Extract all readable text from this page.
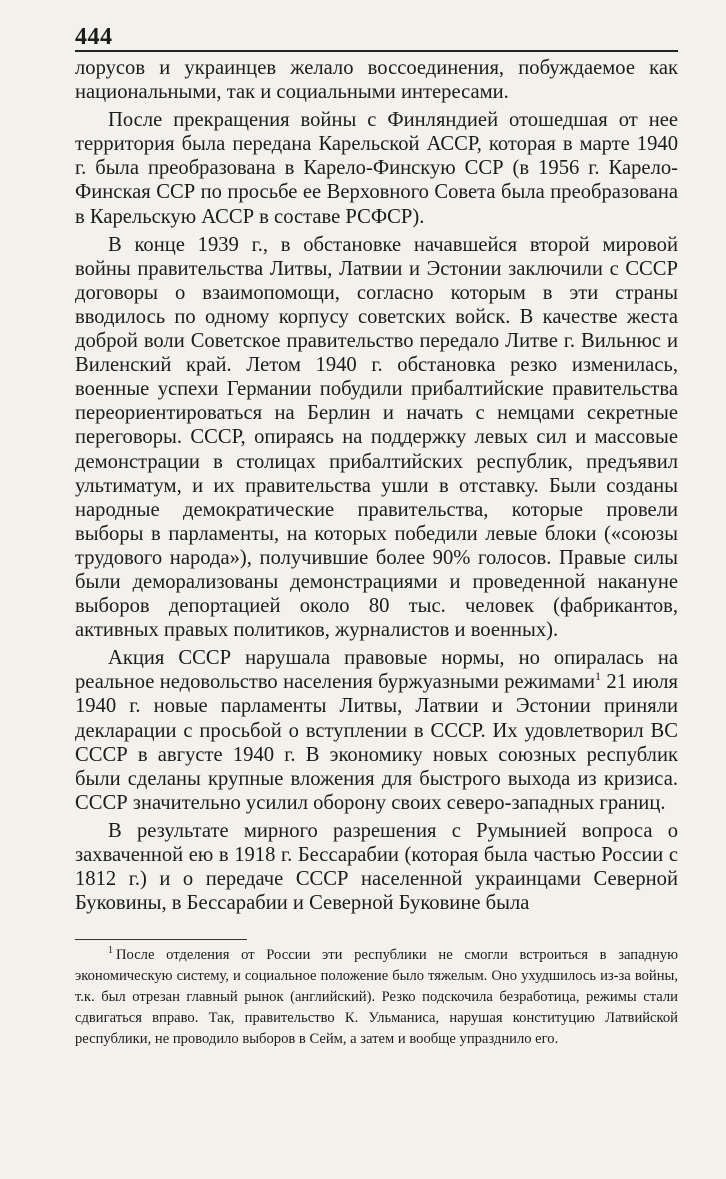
444

лорусов и украинцев желало воссоединения, побуждаемое как национальными, так и социальными интересами.

После прекращения войны с Финляндией отошедшая от нее территория была передана Карельской АССР, которая в марте 1940 г. была преобразована в Карело-Финскую ССР (в 1956 г. Карело-Финская ССР по просьбе ее Верховного Совета была преобразована в Карельскую АССР в составе РСФСР).

В конце 1939 г., в обстановке начавшейся второй мировой войны правительства Литвы, Латвии и Эстонии заключили с СССР договоры о взаимопомощи, согласно которым в эти страны вводилось по одному корпусу советских войск. В качестве жеста доброй воли Советское правительство передало Литве г. Вильнюс и Виленский край. Летом 1940 г. обстановка резко изменилась, военные успехи Германии побудили прибалтийские правительства переориентироваться на Берлин и начать с немцами секретные переговоры. СССР, опираясь на поддержку левых сил и массовые демонстрации в столицах прибалтийских республик, предъявил ультиматум, и их правительства ушли в отставку. Были созданы народные демократические правительства, которые провели выборы в парламенты, на которых победили левые блоки («союзы трудового народа»), получившие более 90% голосов. Правые силы были деморализованы демонстрациями и проведенной накануне выборов депортацией около 80 тыс. человек (фабрикантов, активных правых политиков, журналистов и военных).

Акция СССР нарушала правовые нормы, но опиралась на реальное недовольство населения буржуазными режимами$^1$ 21 июля 1940 г. новые парламенты Литвы, Латвии и Эстонии приняли декларации с просьбой о вступлении в СССР. Их удовлетворил ВС СССР в августе 1940 г. В экономику новых союзных республик были сделаны крупные вложения для быстрого выхода из кризиса. СССР значительно усилил оборону своих северо-западных границ.

В результате мирного разрешения с Румынией вопроса о захваченной ею в 1918 г. Бессарабии (которая была частью России с 1812 г.) и о передаче СССР населенной украинцами Северной Буковины, в Бессарабии и Северной Буковине была

$^1$ После отделения от России эти республики не смогли встроиться в западную экономическую систему, и социальное положение было тяжелым. Оно ухудшилось из-за войны, т.к. был отрезан главный рынок (английский). Резко подскочила безработица, режимы стали сдвигаться вправо. Так, правительство К. Ульманиса, нарушая конституцию Латвийской республики, не проводило выборов в Сейм, а затем и вообще упразднило его.
